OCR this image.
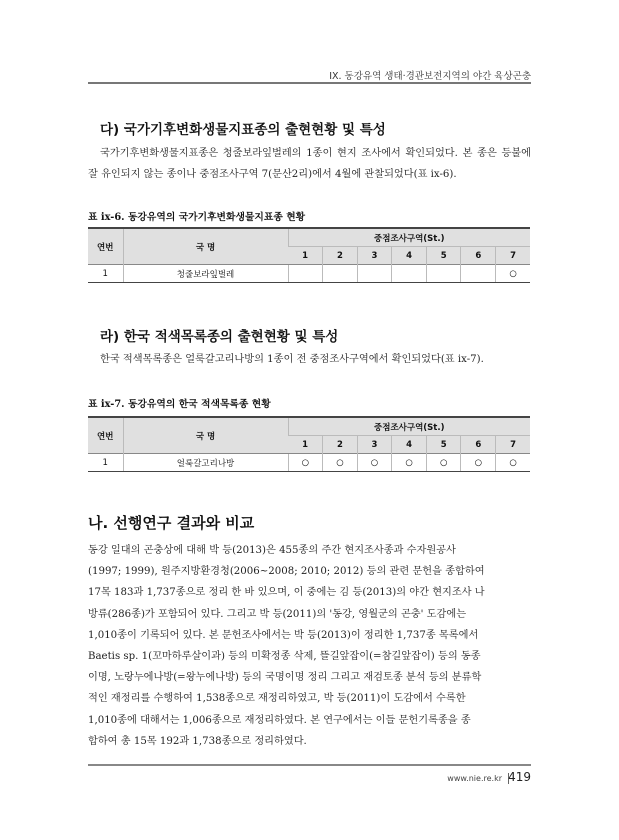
IX. 동강유역 생태·경관보전지역의 야간 육상곤충
다) 국가기후변화생물지표종의 출현현황 및 특성
국가기후변화생물지표종은 청줄보라잎벌레의 1종이 현지 조사에서 확인되었다. 본 종은 등불에 잘 유인되지 않는 종이나 중점조사구역 7(문산2리)에서 4월에 관찰되었다(표 ix-6).
표 ix-6. 동강유역의 국가기후변화생물지표종 현황
연번	국 명	중점조사구역(St.)						
		1	2	3	4	5	6	7
1	청줄보라잎벌레							○
라) 한국 적색목록종의 출현현황 및 특성
한국 적색목록종은 얼룩갈고리나방의 1종이 전 중점조사구역에서 확인되었다(표 ix-7).
표 ix-7. 동강유역의 한국 적색목록종 현황
연번	국 명	중점조사구역(St.)						
		1	2	3	4	5	6	7
1	얼룩갈고리나방	○	○	○	○	○	○	○
나. 선행연구 결과와 비교
동강 일대의 곤충상에 대해 박 등(2013)은 455종의 주간 현지조사종과 수자원공사
(1997; 1999), 원주지방환경청(2006~2008; 2010; 2012) 등의 관련 문헌을 종합하여
17목 183과 1,737종으로 정리 한 바 있으며, 이 중에는 김 등(2013)의 야간 현지조사 나
방류(286종)가 포함되어 있다. 그리고 박 등(2011)의 '동강, 영월군의 곤충' 도감에는
1,010종이 기록되어 있다. 본 문헌조사에서는 박 등(2013)이 정리한 1,737종 목록에서
Baetis sp. 1(꼬마하루살이과) 등의 미확정종 삭제, 뜰길앞잡이(=참길앞잡이) 등의 동종
이명, 노랑누에나방(=왕누에나방) 등의 국명이명 정리 그리고 재검토종 분석 등의 분류학
적인 재정리를 수행하여 1,538종으로 재정리하였고, 박 등(2011)이 도감에서 수록한
1,010종에 대해서는 1,006종으로 재정리하였다. 본 연구에서는 이들 문헌기록종을 종
합하여 총 15목 192과 1,738종으로 정리하였다.
www.nie.re.kr 419
